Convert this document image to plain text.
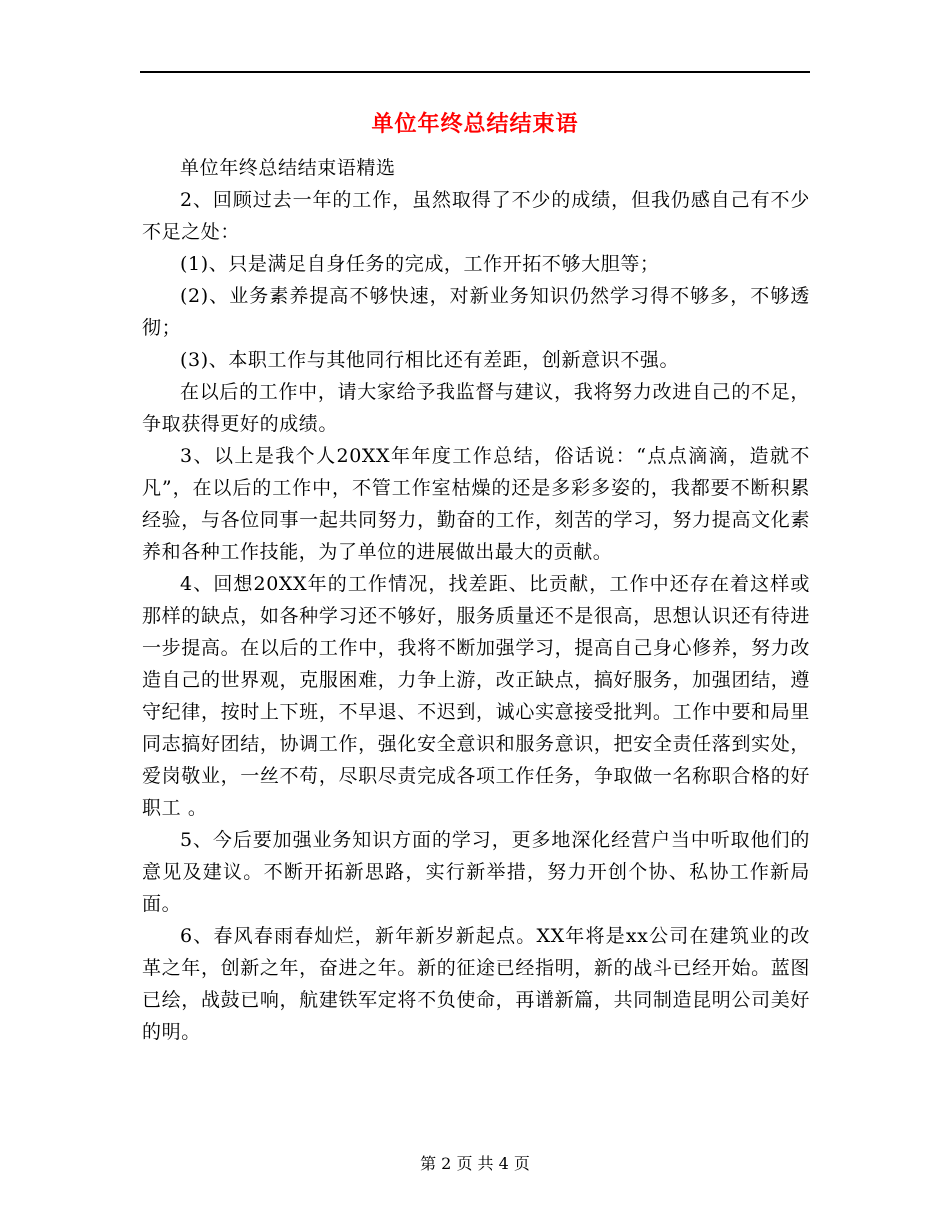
单位年终总结结束语

单位年终总结结束语精选

2、回顾过去一年的工作，虽然取得了不少的成绩，但我仍感自己有不少不足之处：

(1)、只是满足自身任务的完成，工作开拓不够大胆等；

(2)、业务素养提高不够快速，对新业务知识仍然学习得不够多，不够透彻；

(3)、本职工作与其他同行相比还有差距，创新意识不强。

在以后的工作中，请大家给予我监督与建议，我将努力改进自己的不足，争取获得更好的成绩。

3、以上是我个人20XX年年度工作总结，俗话说：“点点滴滴，造就不凡”，在以后的工作中，不管工作室枯燥的还是多彩多姿的，我都要不断积累经验，与各位同事一起共同努力，勤奋的工作，刻苦的学习，努力提高文化素养和各种工作技能，为了单位的进展做出最大的贡献。

4、回想20XX年的工作情况，找差距、比贡献，工作中还存在着这样或那样的缺点，如各种学习还不够好，服务质量还不是很高，思想认识还有待进一步提高。在以后的工作中，我将不断加强学习，提高自己身心修养，努力改造自己的世界观，克服困难，力争上游，改正缺点，搞好服务，加强团结，遵守纪律，按时上下班，不早退、不迟到，诚心实意接受批判。工作中要和局里同志搞好团结，协调工作，强化安全意识和服务意识，把安全责任落到实处，爱岗敬业，一丝不苟，尽职尽责完成各项工作任务，争取做一名称职合格的好职工 。

5、今后要加强业务知识方面的学习，更多地深化经营户当中听取他们的意见及建议。不断开拓新思路，实行新举措，努力开创个协、私协工作新局面。

6、春风春雨春灿烂，新年新岁新起点。XX年将是xx公司在建筑业的改革之年，创新之年，奋进之年。新的征途已经指明，新的战斗已经开始。蓝图已绘，战鼓已响，航建铁军定将不负使命，再谱新篇，共同制造昆明公司美好的明。

第 2 页 共 4 页
